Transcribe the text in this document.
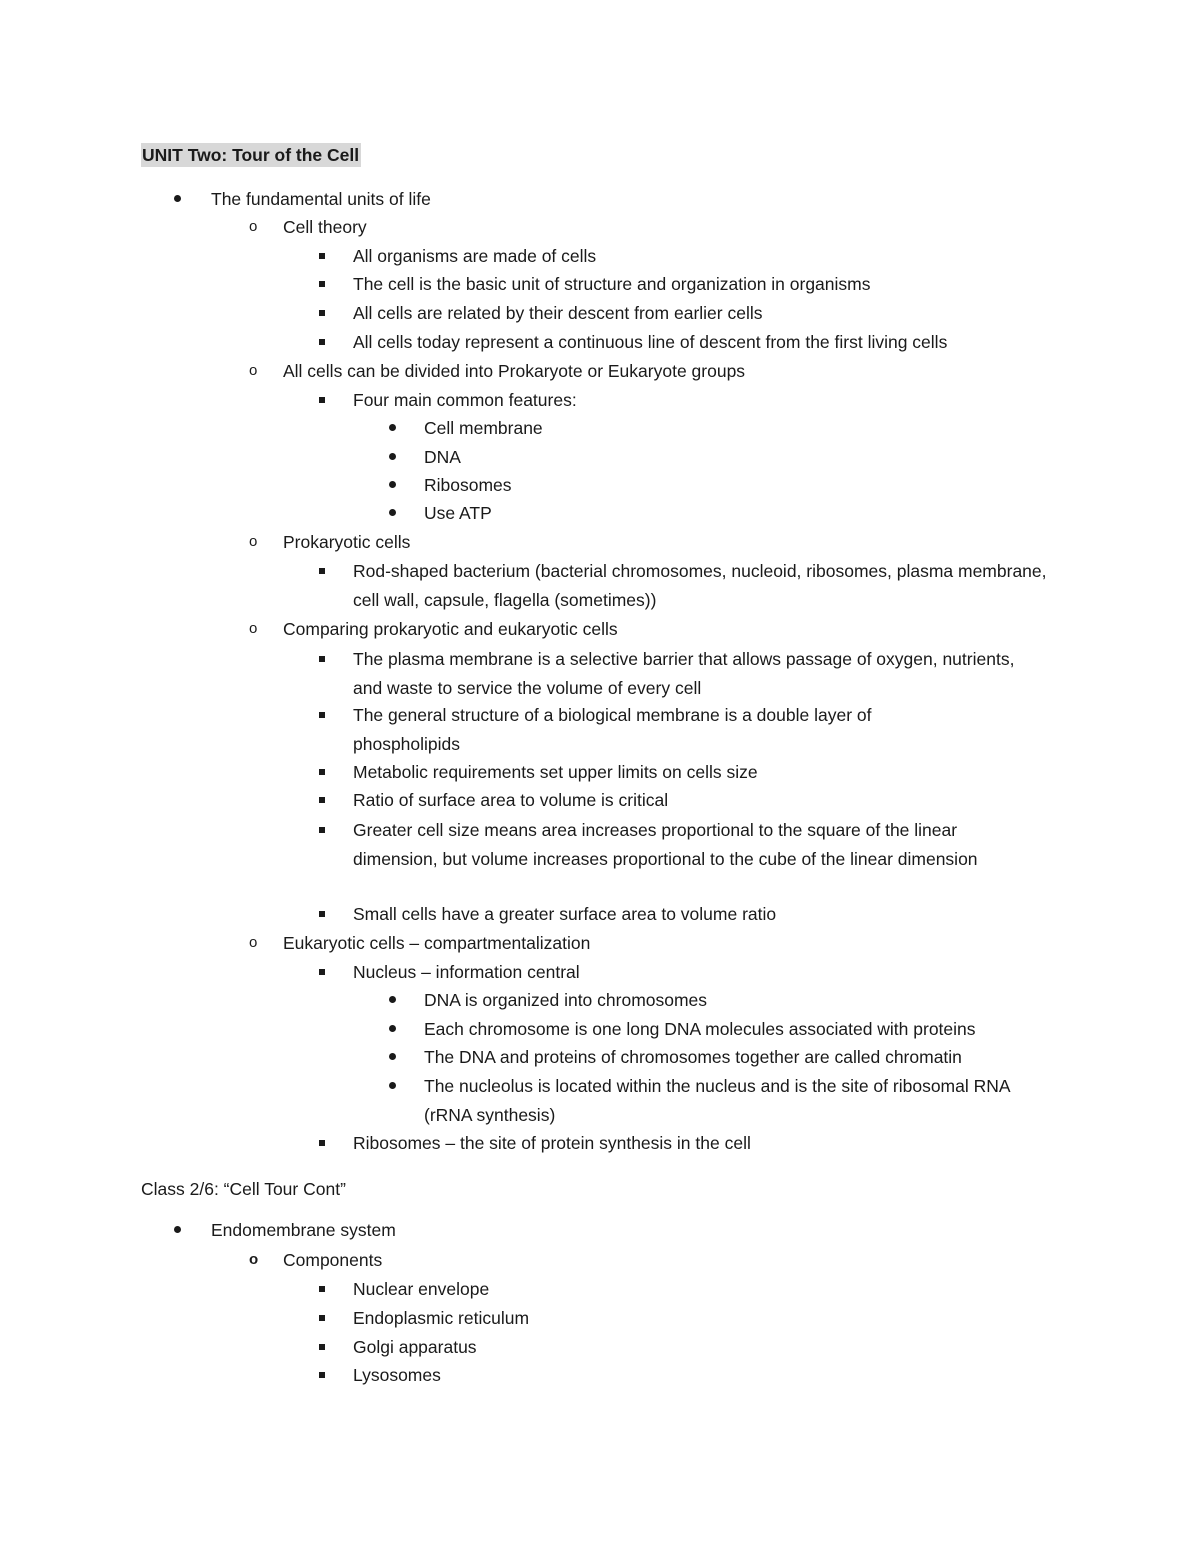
UNIT Two: Tour of the Cell
The fundamental units of life
o Cell theory
All organisms are made of cells
The cell is the basic unit of structure and organization in organisms
All cells are related by their descent from earlier cells
All cells today represent a continuous line of descent from the first living cells
o All cells can be divided into Prokaryote or Eukaryote groups
Four main common features:
Cell membrane
DNA
Ribosomes
Use ATP
o Prokaryotic cells
Rod-shaped bacterium (bacterial chromosomes, nucleoid, ribosomes, plasma membrane, cell wall, capsule, flagella (sometimes))
o Comparing prokaryotic and eukaryotic cells
The plasma membrane is a selective barrier that allows passage of oxygen, nutrients, and waste to service the volume of every cell
The general structure of a biological membrane is a double layer of phospholipids
Metabolic requirements set upper limits on cells size
Ratio of surface area to volume is critical
Greater cell size means area increases proportional to the square of the linear dimension, but volume increases proportional to the cube of the linear dimension
Small cells have a greater surface area to volume ratio
o Eukaryotic cells – compartmentalization
Nucleus – information central
DNA is organized into chromosomes
Each chromosome is one long DNA molecules associated with proteins
The DNA and proteins of chromosomes together are called chromatin
The nucleolus is located within the nucleus and is the site of ribosomal RNA (rRNA synthesis)
Ribosomes – the site of protein synthesis in the cell
Class 2/6: “Cell Tour Cont”
Endomembrane system
o Components
Nuclear envelope
Endoplasmic reticulum
Golgi apparatus
Lysosomes
